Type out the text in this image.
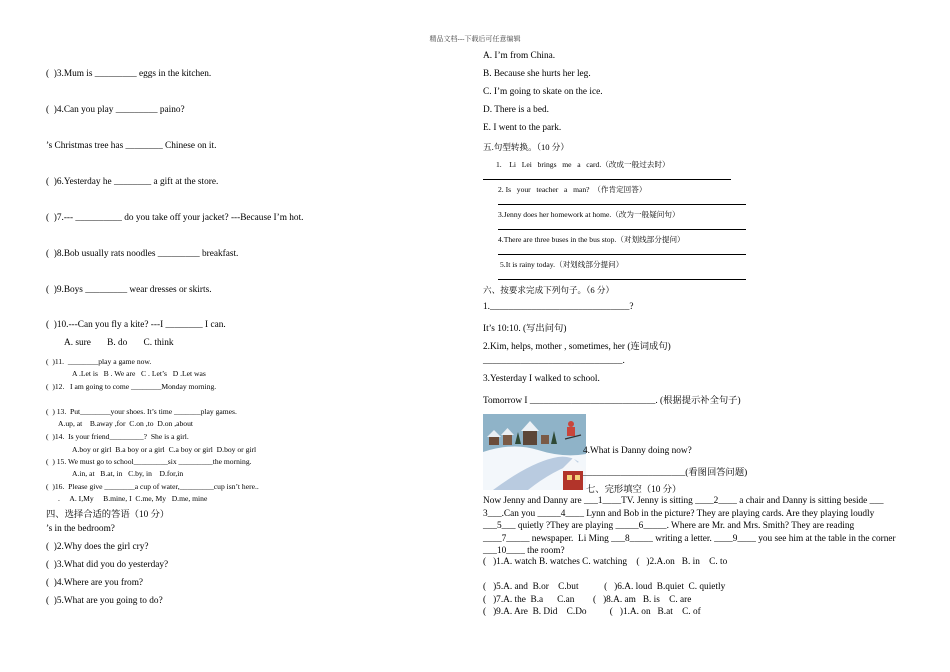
精品文档---下载后可任意编辑
(  )3.Mum is _________ eggs in the kitchen.
(  )4.Can you play _________ paino?
’s Christmas tree has ________ Chinese on it.
(  )6.Yesterday he ________ a gift at the store.
(  )7.--- __________ do you take off your jacket? ---Because I’m hot.
(  )8.Bob usually rats noodles _________ breakfast.
(  )9.Boys _________ wear dresses or skirts.
(  )10.---Can you fly a kite? ---I ________ I can.
A. sure       B. do       C. think
(  )11.  ________play a game now.
A .Let is   B . We are   C . Let’s   D .Let was
(  )12.   I am going to come ________Monday morning.
(  ) 13.  Put________your shoes. It’s time _______play games.
A.up, at    B.away ,for  C.on ,to  D.on ,about
(  )14.  Is your friend_________?  She is a girl.
A.boy or girl  B.a boy or a girl  C.a boy or girl  D.boy or girl
(  ) 15. We must go to school_________six _________the morning.
A.in, at   B.at, in   C.by, in    D.for,in
(  )16.  Please give ________a cup of water,_________cup isn’t here..
.     A. I,My     B.mine, I  C.me, My   D.me, mine
四、选择合适的答语（10 分）
’s in the bedroom?
(  )2.Why does the girl cry?
(  )3.What did you do yesterday?
(  )4.Where are you from?
(  )5.What are you going to do?
A. I’m from China.
B. Because she hurts her leg.
C. I’m going to skate on the ice.
D. There is a bed.
E. I went to the park.
五.句型转换。（10 分）
1.    Li   Lei   brings   me   a   card.（改成一般过去时）
2. Is   your   teacher   a   man?  （作肯定回答）
3.Jenny does her homework at home.（改为一般疑问句）
4.There are three buses in the bus stop.（对划线部分提问）
5.It is rainy today.（对划线部分提问）
六、按要求完成下列句子。（6 分）
1.______________________________?
It’s 10:10. (写出问句)
2.Kim, helps, mother , sometimes, her (连词成句)
______________________________.
3.Yesterday I walked to school.
Tomorrow I ___________________________. (根据提示补全句子)
4.What is Danny doing now?
______________________(看图回答问题)
七、完形填空（10 分）
Now Jenny and Danny are ___1____TV. Jenny is sitting ____2____ a chair and Danny is sitting beside ___ 3___.Can you _____4____ Lynn and Bob in the picture? They are playing cards. Are they playing loudly ___5___ quietly ?They are playing _____6_____. Where are Mr. and Mrs. Smith? They are reading ____7_____ newspaper.  Li Ming ___8_____ writing a letter. ____9____ you see him at the table in the corner ___10____ the room?
(   )1.A. watch B. watches C. watching    (   )2.A.on   B. in    C. to
(   )5.A. and  B.or    C.but           (   )6.A. loud  B.quiet  C. quietly
(   )7.A. the  B.a      C.an        (   )8.A. am   B. is    C. are
(   )9.A. Are  B. Did    C.Do          (   )1.A. on   B.at    C. of
